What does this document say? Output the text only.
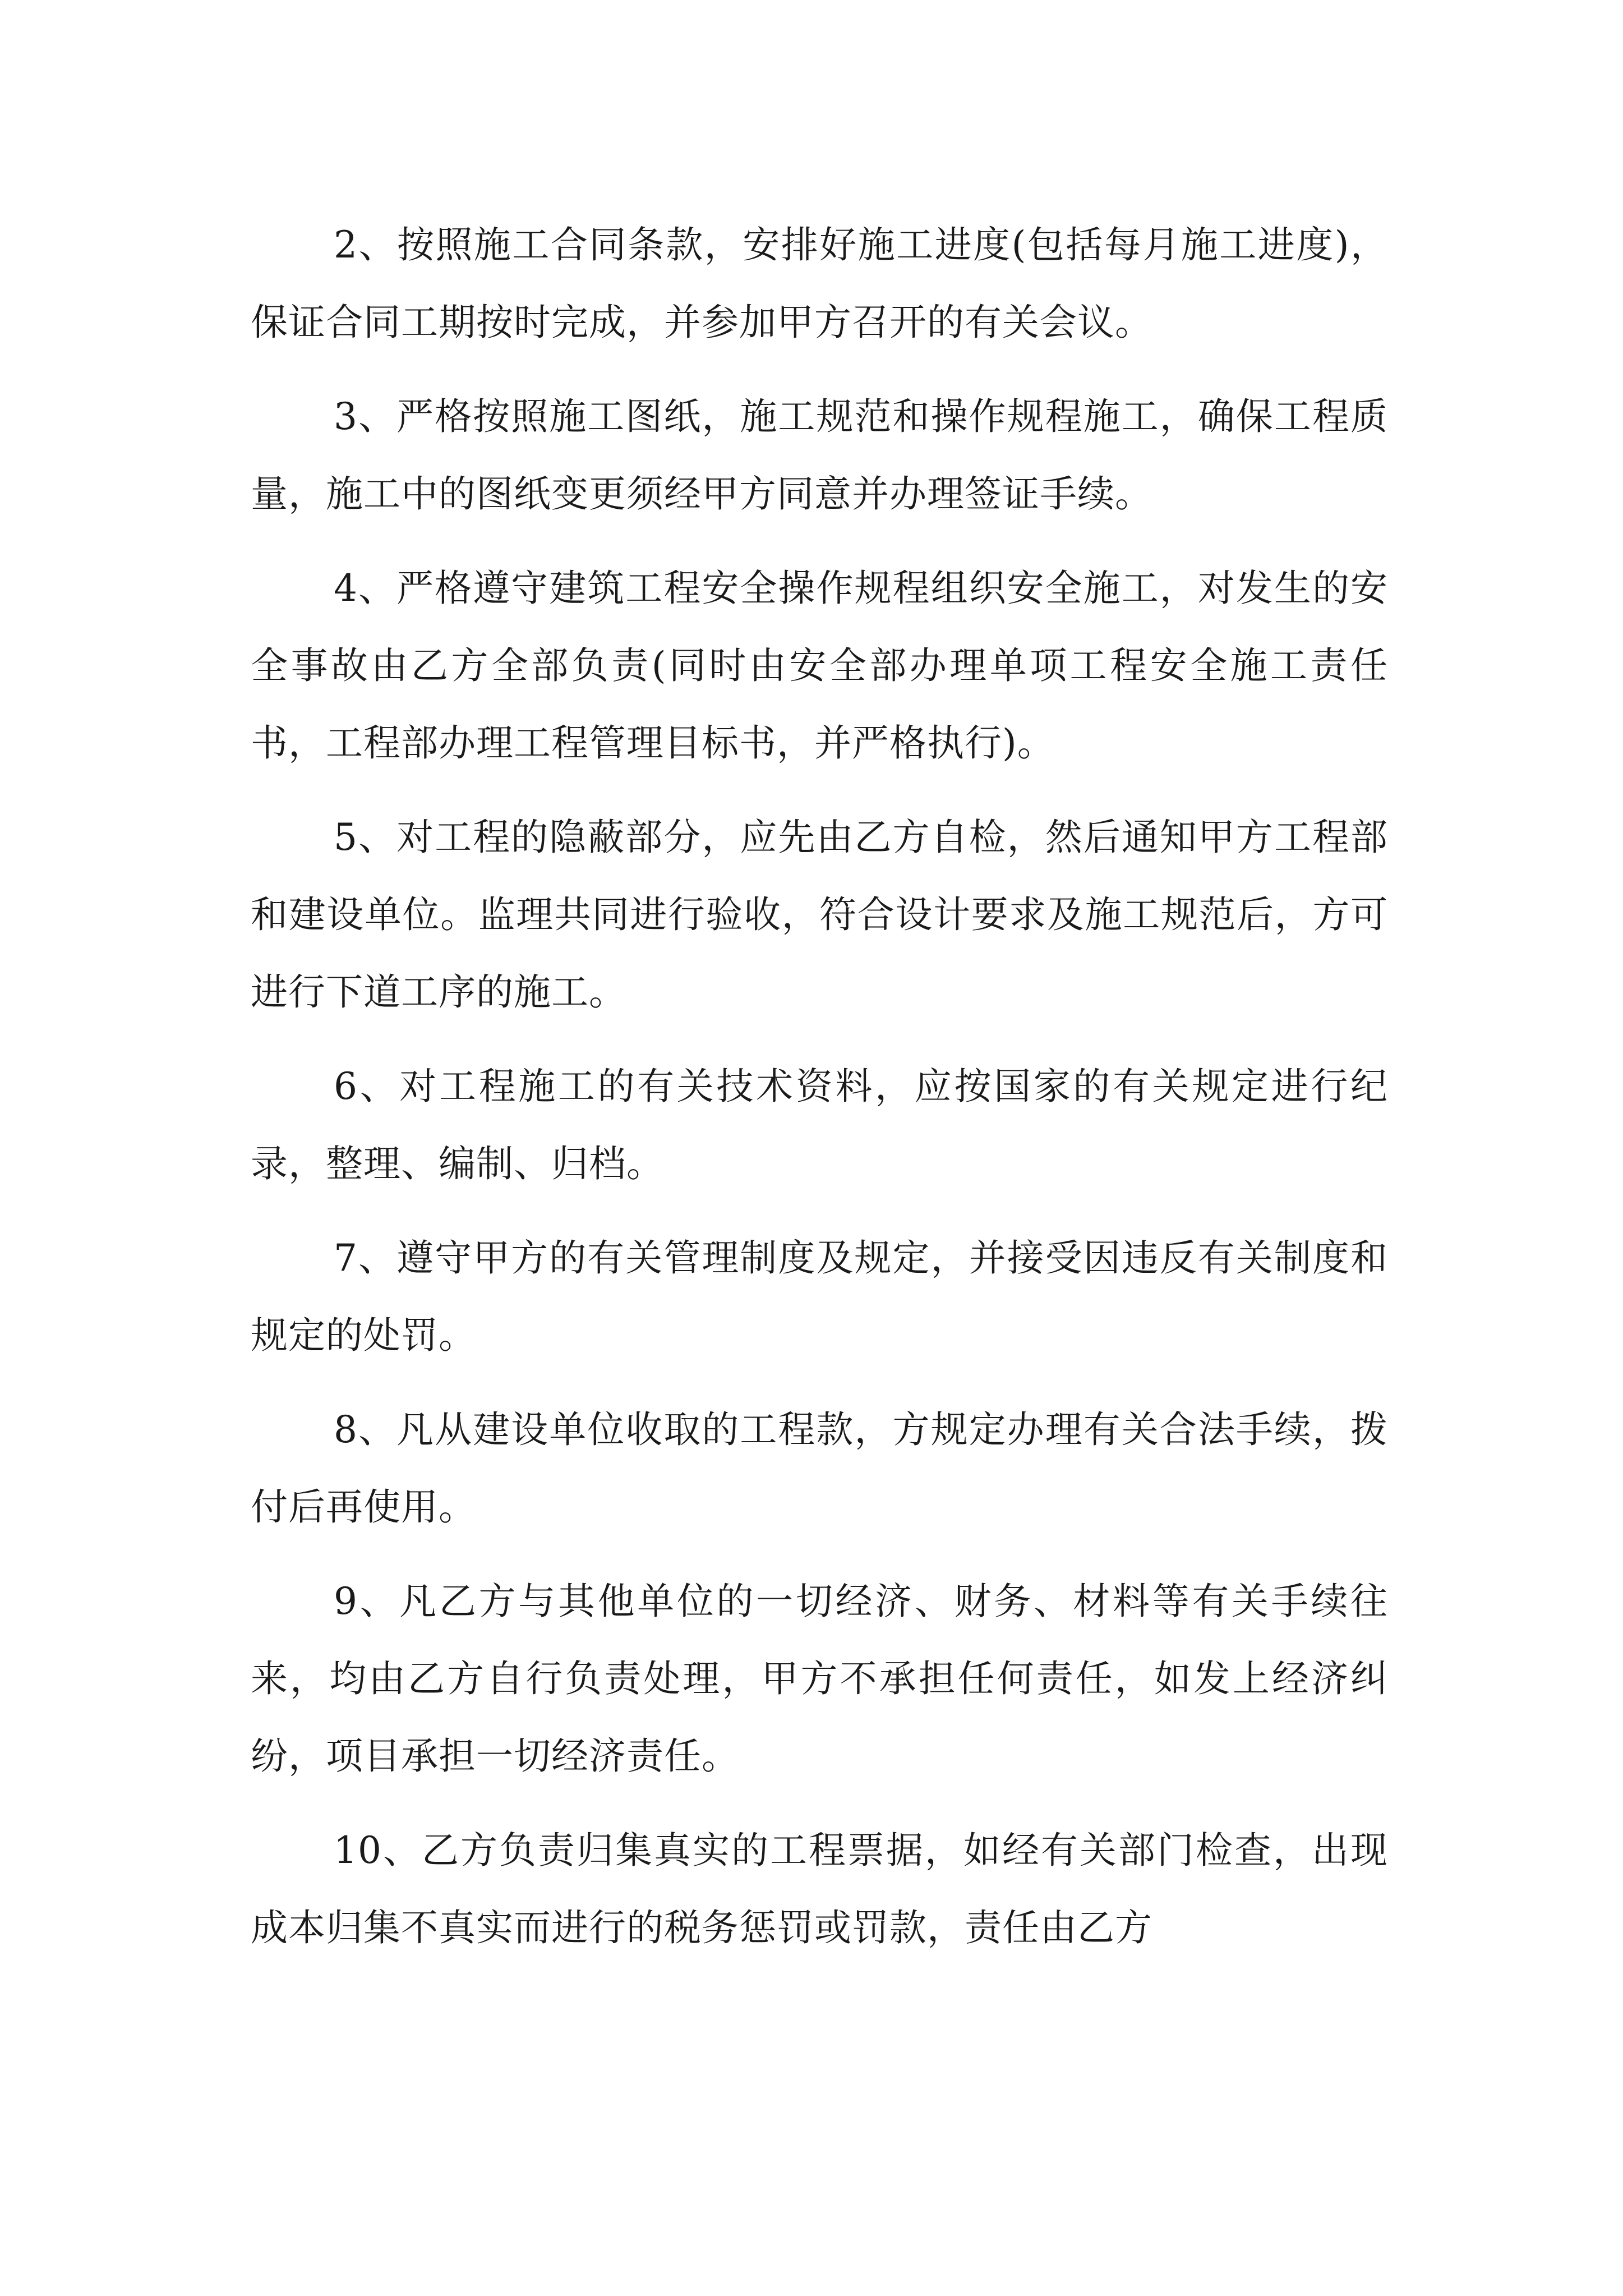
2、按照施工合同条款，安排好施工进度(包括每月施工进度)，保证合同工期按时完成，并参加甲方召开的有关会议。

3、严格按照施工图纸，施工规范和操作规程施工，确保工程质量，施工中的图纸变更须经甲方同意并办理签证手续。

4、严格遵守建筑工程安全操作规程组织安全施工，对发生的安全事故由乙方全部负责(同时由安全部办理单项工程安全施工责任书，工程部办理工程管理目标书，并严格执行)。

5、对工程的隐蔽部分，应先由乙方自检，然后通知甲方工程部和建设单位。监理共同进行验收，符合设计要求及施工规范后，方可进行下道工序的施工。

6、对工程施工的有关技术资料，应按国家的有关规定进行纪录，整理、编制、归档。

7、遵守甲方的有关管理制度及规定，并接受因违反有关制度和规定的处罚。

8、凡从建设单位收取的工程款，方规定办理有关合法手续，拨付后再使用。

9、凡乙方与其他单位的一切经济、财务、材料等有关手续往来，均由乙方自行负责处理，甲方不承担任何责任，如发上经济纠纷，项目承担一切经济责任。

10、乙方负责归集真实的工程票据，如经有关部门检查，出现成本归集不真实而进行的税务惩罚或罚款，责任由乙方
